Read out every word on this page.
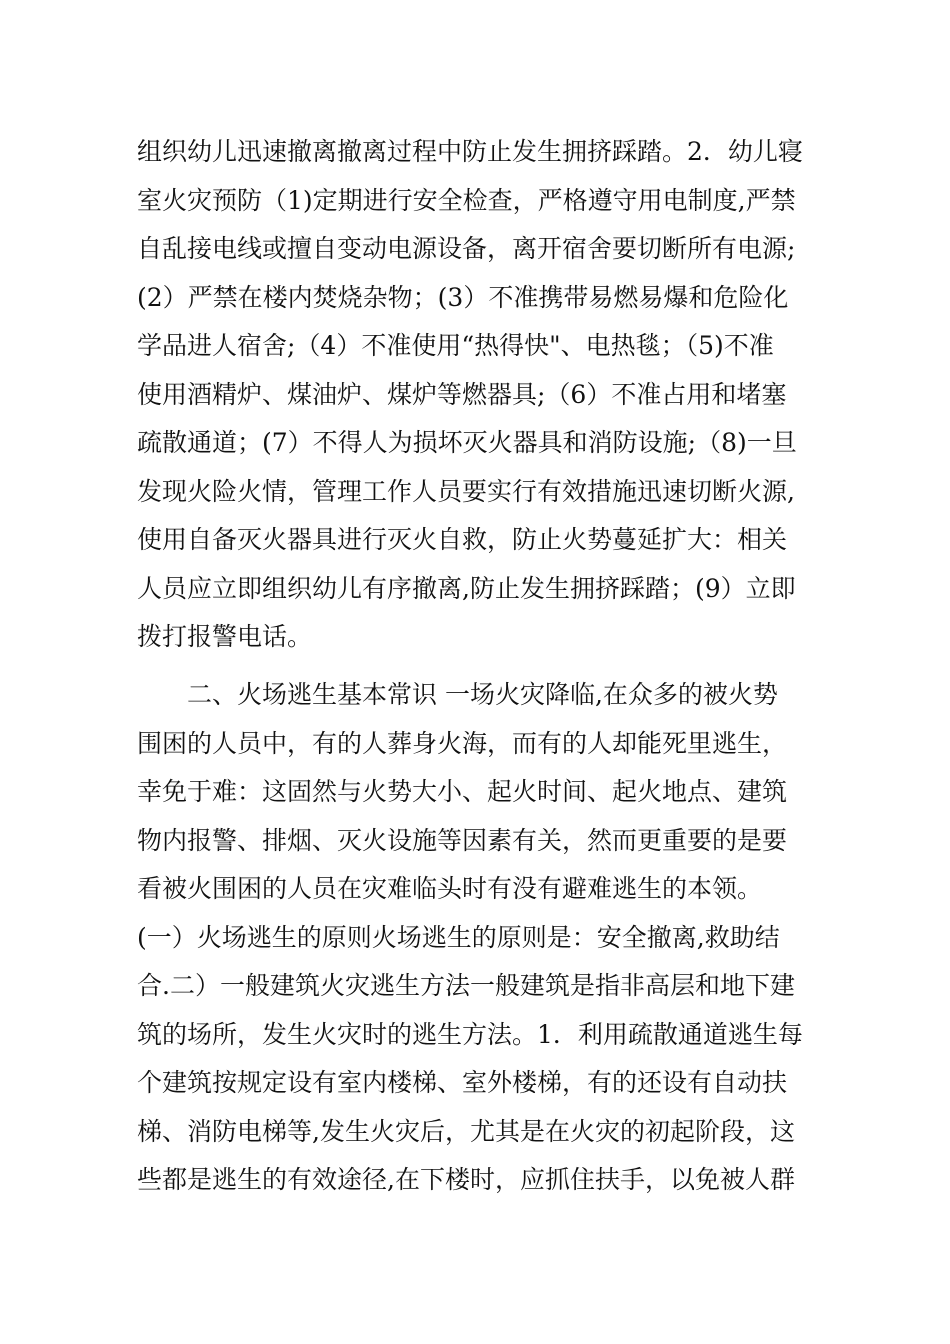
组织幼儿迅速撤离撤离过程中防止发生拥挤踩踏。2．幼儿寝
室火灾预防（1)定期进行安全检查，严格遵守用电制度,严禁
自乱接电线或擅自变动电源设备，离开宿舍要切断所有电源;
(2）严禁在楼内焚烧杂物；(3）不准携带易燃易爆和危险化
学品进人宿舍;（4）不准使用“热得快"、电热毯；（5)不准
使用酒精炉、煤油炉、煤炉等燃器具;（6）不准占用和堵塞
疏散通道；(7）不得人为损坏灭火器具和消防设施;（8)一旦
发现火险火情，管理工作人员要实行有效措施迅速切断火源,
使用自备灭火器具进行灭火自救，防止火势蔓延扩大：相关
人员应立即组织幼儿有序撤离,防止发生拥挤踩踏；(9）立即
拨打报警电话。
　　二、火场逃生基本常识 一场火灾降临,在众多的被火势
围困的人员中，有的人葬身火海，而有的人却能死里逃生，
幸免于难：这固然与火势大小、起火时间、起火地点、建筑
物内报警、排烟、灭火设施等因素有关，然而更重要的是要
看被火围困的人员在灾难临头时有没有避难逃生的本领。
(一）火场逃生的原则火场逃生的原则是：安全撤离,救助结
合.二）一般建筑火灾逃生方法一般建筑是指非高层和地下建
筑的场所，发生火灾时的逃生方法。1．利用疏散通道逃生每
个建筑按规定设有室内楼梯、室外楼梯，有的还设有自动扶
梯、消防电梯等,发生火灾后，尤其是在火灾的初起阶段，这
些都是逃生的有效途径,在下楼时，应抓住扶手，以免被人群
